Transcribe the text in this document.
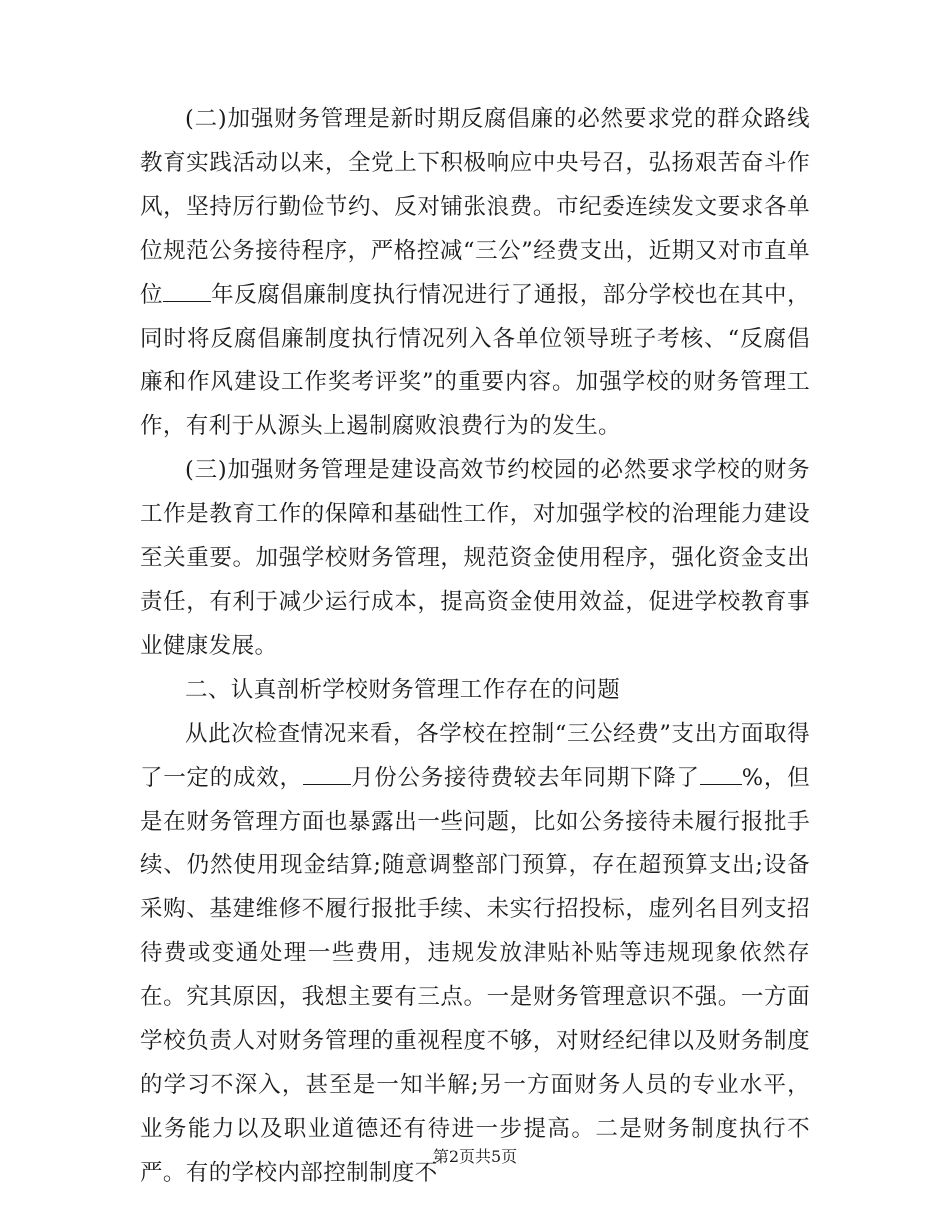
(二)加强财务管理是新时期反腐倡廉的必然要求党的群众路线教育实践活动以来，全党上下积极响应中央号召，弘扬艰苦奋斗作风，坚持厉行勤俭节约、反对铺张浪费。市纪委连续发文要求各单位规范公务接待程序，严格控减“三公”经费支出，近期又对市直单位 年反腐倡廉制度执行情况进行了通报，部分学校也在其中，同时将反腐倡廉制度执行情况列入各单位领导班子考核、“反腐倡廉和作风建设工作奖考评奖”的重要内容。加强学校的财务管理工作，有利于从源头上遏制腐败浪费行为的发生。

(三)加强财务管理是建设高效节约校园的必然要求学校的财务工作是教育工作的保障和基础性工作，对加强学校的治理能力建设至关重要。加强学校财务管理，规范资金使用程序，强化资金支出责任，有利于减少运行成本，提高资金使用效益，促进学校教育事业健康发展。

二、认真剖析学校财务管理工作存在的问题

从此次检查情况来看，各学校在控制“三公经费”支出方面取得了一定的成效， 月份公务接待费较去年同期下降了 %，但是在财务管理方面也暴露出一些问题，比如公务接待未履行报批手续、仍然使用现金结算;随意调整部门预算，存在超预算支出;设备采购、基建维修不履行报批手续、未实行招投标，虚列名目列支招待费或变通处理一些费用，违规发放津贴补贴等违规现象依然存在。究其原因，我想主要有三点。一是财务管理意识不强。一方面学校负责人对财务管理的重视程度不够，对财经纪律以及财务制度的学习不深入，甚至是一知半解;另一方面财务人员的专业水平，业务能力以及职业道德还有待进一步提高。二是财务制度执行不严。有的学校内部控制制度不

第2页共5页
